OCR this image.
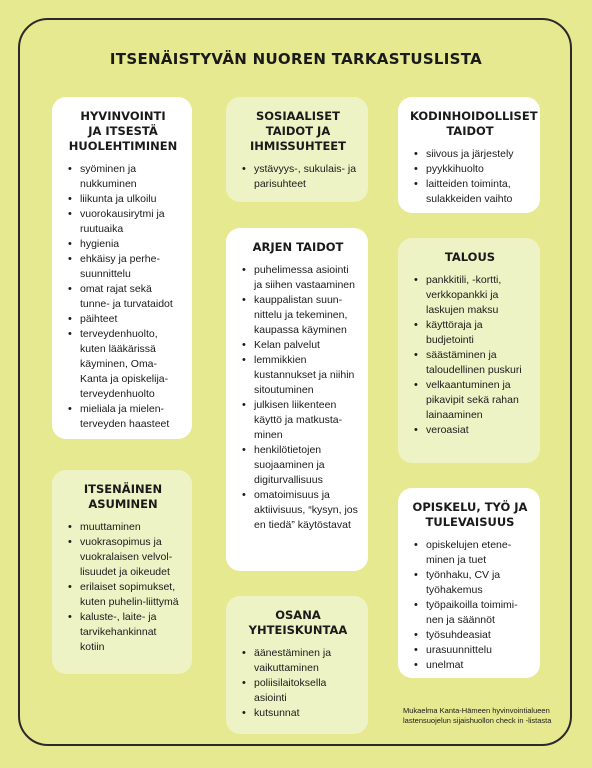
ITSENÄISTYVÄN NUOREN TARKASTUSLISTA
HYVINVOINTI
JA ITSESTÄ
HUOLEHTIMINEN
• syöminen ja nukkuminen
• liikunta ja ulkoilu
• vuorokausirytmi ja ruutuaika
• hygienia
• ehkäisy ja perhe-suunnittelu
• omat rajat sekä tunne- ja turvataidot
• päihteet
• terveydenhuolto, kuten lääkärissä käyminen, Oma-Kanta ja opiskelija-terveydenhuolto
• mieliala ja mielen-terveyden haasteet
SOSIAALISET
TAIDOT JA
IHMISSUHTEET
• ystävyys-, sukulais- ja parisuhteet
KODINHOIDOLLISET
TAIDOT
• siivous ja järjestely
• pyykkihuolto
• laitteiden toiminta, sulakkeiden vaihto
ARJEN TAIDOT
• puhelimessa asiointi ja siihen vastaaminen
• kauppalistan suun-nittelu ja tekeminen, kaupassa käyminen
• Kelan palvelut
• lemmikkien kustannukset ja niihin sitoutuminen
• julkisen liikenteen käyttö ja matkusta-minen
• henkilötietojen suojaaminen ja digiturvallisuus
• omatoimisuus ja aktiivisuus, “kysyn, jos en tiedä” käytöstavat
TALOUS
• pankkitili, -kortti, verkkopankki ja laskujen maksu
• käyttöraja ja budjetointi
• säästäminen ja taloudellinen puskuri
• velkaantuminen ja pikavipit sekä rahan lainaaminen
• veroasiat
ITSENÄINEN
ASUMINEN
• muuttaminen
• vuokrasopimus ja vuokralaisen velvol-lisuudet ja oikeudet
• erilaiset sopimukset, kuten puhelin-liittymä
• kaluste-, laite- ja tarvikehankinnat kotiin
OPISKELU, TYÖ JA
TULEVAISUUS
• opiskelujen etene-minen ja tuet
• työnhaku, CV ja työhakemus
• työpaikoilla toimimi-nen ja säännöt
• työsuhdeasiat
• urasuunnittelu
• unelmat
OSANA
YHTEISKUNTAA
• äänestäminen ja vaikuttaminen
• poliisilaitoksella asiointi
• kutsunnat	Mukaelma Kanta-Hämeen hyvinvointialueen lastensuojelun sijaishuollon check in -listasta
